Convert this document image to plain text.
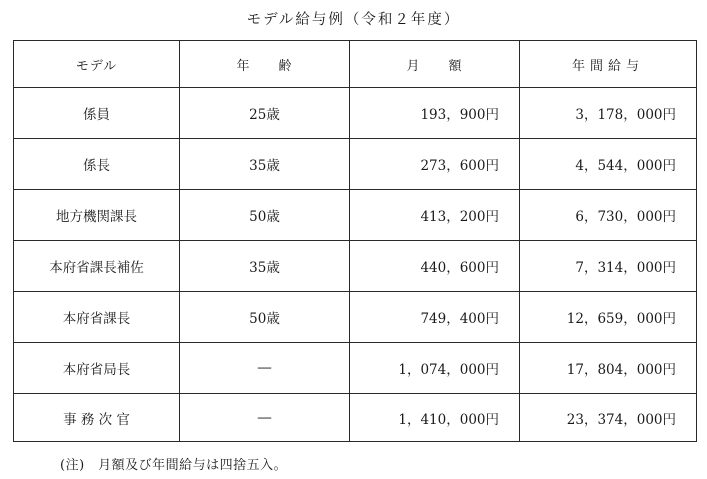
モデル給与例（令和２年度）
モデル	年　　齢	月　　額	年間給与
係員	25歳	193，900円	3，178，000円
係長	35歳	273，600円	4，544，000円
地方機関課長	50歳	413，200円	6，730，000円
本府省課長補佐	35歳	440，600円	7，314，000円
本府省課長	50歳	749，400円	12，659，000円
本府省局長	―	1，074，000円	17，804，000円
事 務 次 官	―	1，410，000円	23，374，000円
(注)　月額及び年間給与は四捨五入。
